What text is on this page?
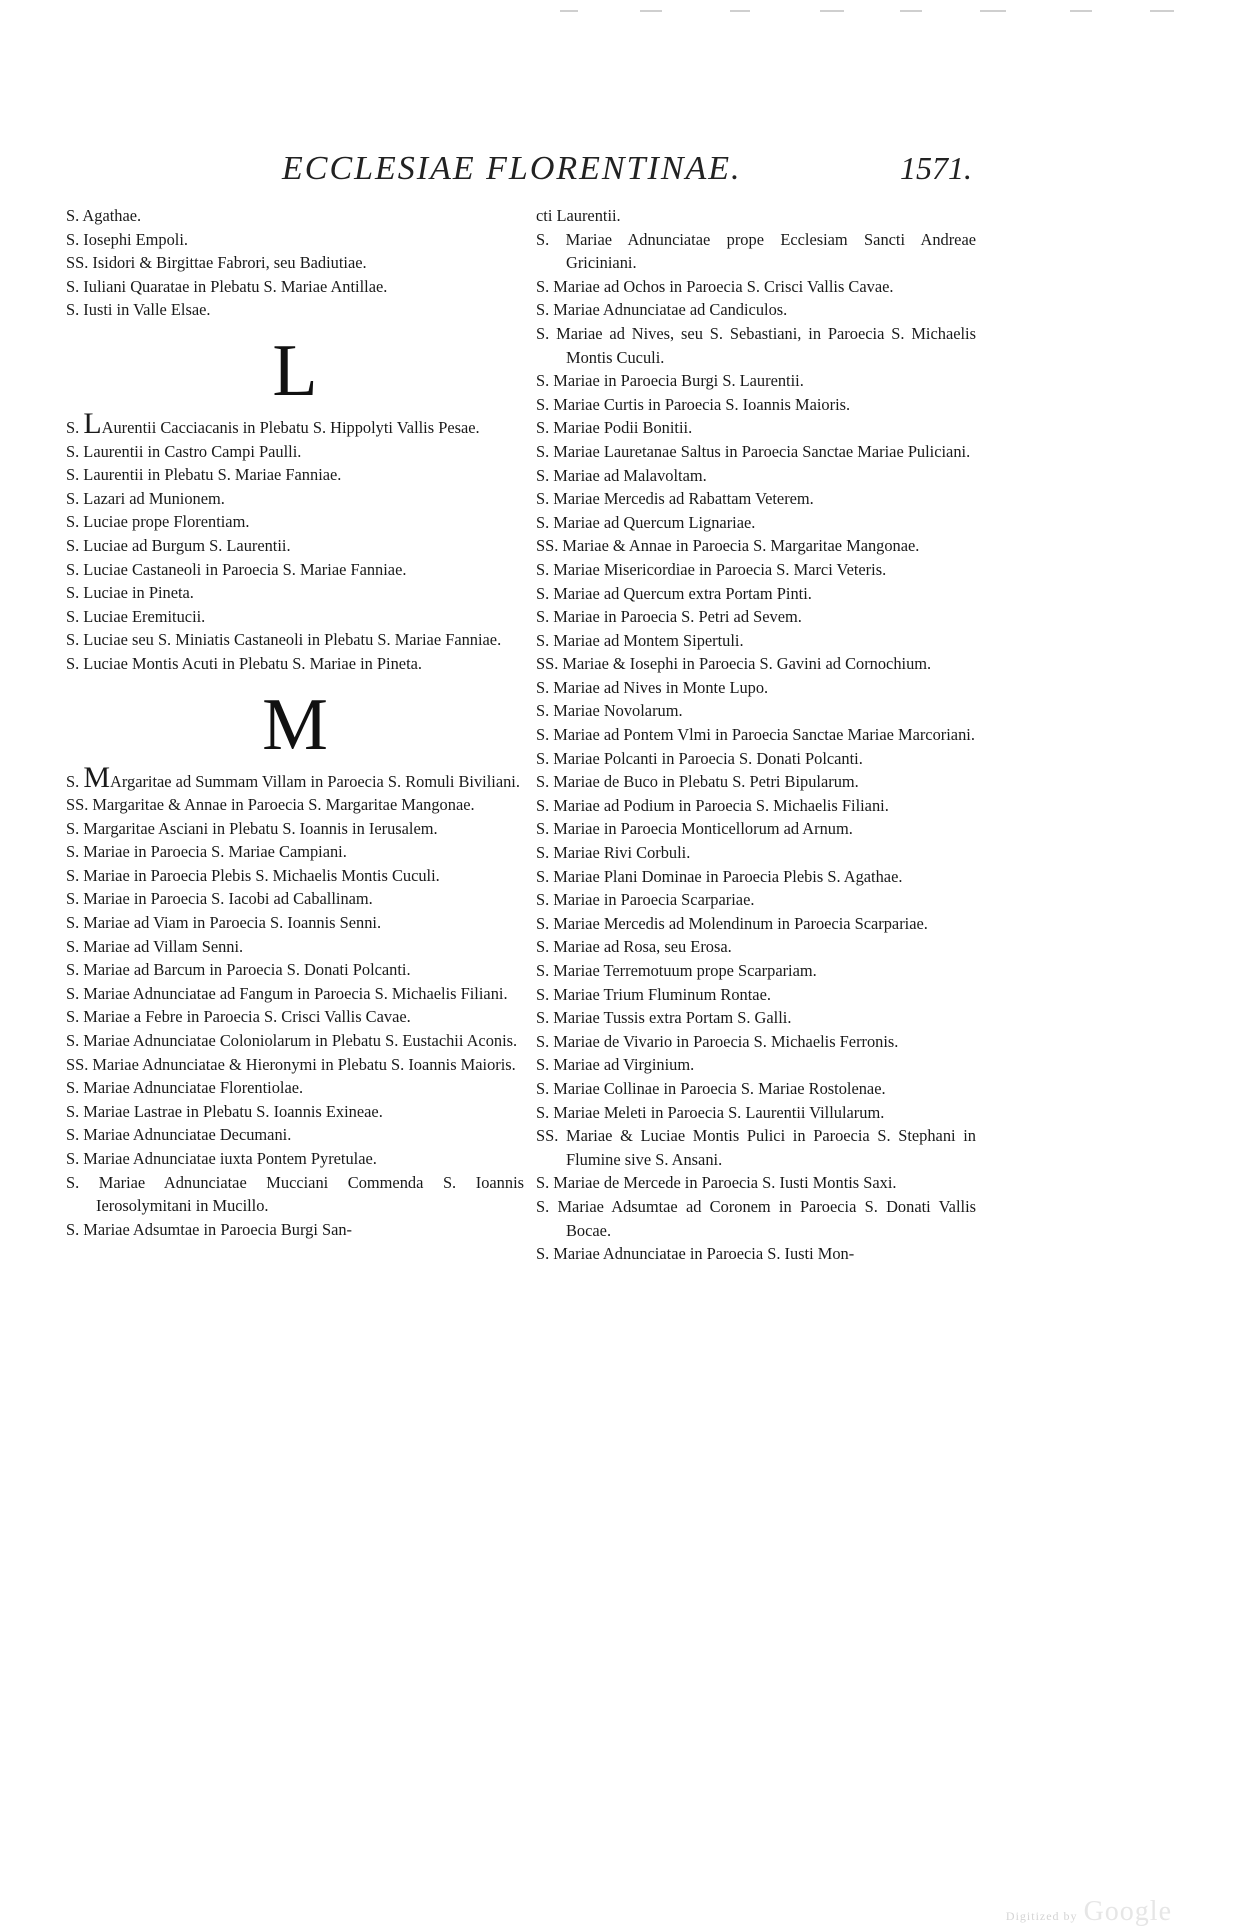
ECCLESIAE FLORENTINAE.	1571.
S. Agathae.
S. Iosephi Empoli.
SS. Isidori & Birgittae Fabrori, seu Badiutiae.
S. Iuliani Quaratae in Plebatu S. Mariae Antillae.
S. Iusti in Valle Elsae.
L
S. LAurentii Cacciacanis in Plebatu S. Hippolyti Vallis Pesae.
S. Laurentii in Castro Campi Paulli.
S. Laurentii in Plebatu S. Mariae Fanniae.
S. Lazari ad Munionem.
S. Luciae prope Florentiam.
S. Luciae ad Burgum S. Laurentii.
S. Luciae Castaneoli in Paroecia S. Mariae Fanniae.
S. Luciae in Pineta.
S. Luciae Eremitucii.
S. Luciae seu S. Miniatis Castaneoli in Plebatu S. Mariae Fanniae.
S. Luciae Montis Acuti in Plebatu S. Mariae in Pineta.
M
S. MArgaritae ad Summam Villam in Paroecia S. Romuli Biviliani.
SS. Margaritae & Annae in Paroecia S. Margaritae Mangonae.
S. Margaritae Asciani in Plebatu S. Ioannis in Ierusalem.
S. Mariae in Paroecia S. Mariae Campiani.
S. Mariae in Paroecia Plebis S. Michaelis Montis Cuculi.
S. Mariae in Paroecia S. Iacobi ad Caballinam.
S. Mariae ad Viam in Paroecia S. Ioannis Senni.
S. Mariae ad Villam Senni.
S. Mariae ad Barcum in Paroecia S. Donati Polcanti.
S. Mariae Adnunciatae ad Fangum in Paroecia S. Michaelis Filiani.
S. Mariae a Febre in Paroecia S. Crisci Vallis Cavae.
S. Mariae Adnunciatae Coloniolarum in Plebatu S. Eustachii Aconis.
SS. Mariae Adnunciatae & Hieronymi in Plebatu S. Ioannis Maioris.
S. Mariae Adnunciatae Florentiolae.
S. Mariae Lastrae in Plebatu S. Ioannis Exineae.
S. Mariae Adnunciatae Decumani.
S. Mariae Adnunciatae iuxta Pontem Pyretulae.
S. Mariae Adnunciatae Mucciani Commenda S. Ioannis Ierosolymitani in Mucillo.
S. Mariae Adsumtae in Paroecia Burgi San-
cti Laurentii.
S. Mariae Adnunciatae prope Ecclesiam Sancti Andreae Griciniani.
S. Mariae ad Ochos in Paroecia S. Crisci Vallis Cavae.
S. Mariae Adnunciatae ad Candiculos.
S. Mariae ad Nives, seu S. Sebastiani, in Paroecia S. Michaelis Montis Cuculi.
S. Mariae in Paroecia Burgi S. Laurentii.
S. Mariae Curtis in Paroecia S. Ioannis Maioris.
S. Mariae Podii Bonitii.
S. Mariae Lauretanae Saltus in Paroecia Sanctae Mariae Puliciani.
S. Mariae ad Malavoltam.
S. Mariae Mercedis ad Rabattam Veterem.
S. Mariae ad Quercum Lignariae.
SS. Mariae & Annae in Paroecia S. Margaritae Mangonae.
S. Mariae Misericordiae in Paroecia S. Marci Veteris.
S. Mariae ad Quercum extra Portam Pinti.
S. Mariae in Paroecia S. Petri ad Sevem.
S. Mariae ad Montem Sipertuli.
SS. Mariae & Iosephi in Paroecia S. Gavini ad Cornochium.
S. Mariae ad Nives in Monte Lupo.
S. Mariae Novolarum.
S. Mariae ad Pontem Vlmi in Paroecia Sanctae Mariae Marcoriani.
S. Mariae Polcanti in Paroecia S. Donati Polcanti.
S. Mariae de Buco in Plebatu S. Petri Bipularum.
S. Mariae ad Podium in Paroecia S. Michaelis Filiani.
S. Mariae in Paroecia Monticellorum ad Arnum.
S. Mariae Rivi Corbuli.
S. Mariae Plani Dominae in Paroecia Plebis S. Agathae.
S. Mariae in Paroecia Scarpariae.
S. Mariae Mercedis ad Molendinum in Paroecia Scarpariae.
S. Mariae ad Rosa, seu Erosa.
S. Mariae Terremotuum prope Scarpariam.
S. Mariae Trium Fluminum Rontae.
S. Mariae Tussis extra Portam S. Galli.
S. Mariae de Vivario in Paroecia S. Michaelis Ferronis.
S. Mariae ad Virginium.
S. Mariae Collinae in Paroecia S. Mariae Rostolenae.
S. Mariae Meleti in Paroecia S. Laurentii Villularum.
SS. Mariae & Luciae Montis Pulici in Paroecia S. Stephani in Flumine sive S. Ansani.
S. Mariae de Mercede in Paroecia S. Iusti Montis Saxi.
S. Mariae Adsumtae ad Coronem in Paroecia S. Donati Vallis Bocae.
S. Mariae Adnunciatae in Paroecia S. Iusti Mon-
Digitized by Google
